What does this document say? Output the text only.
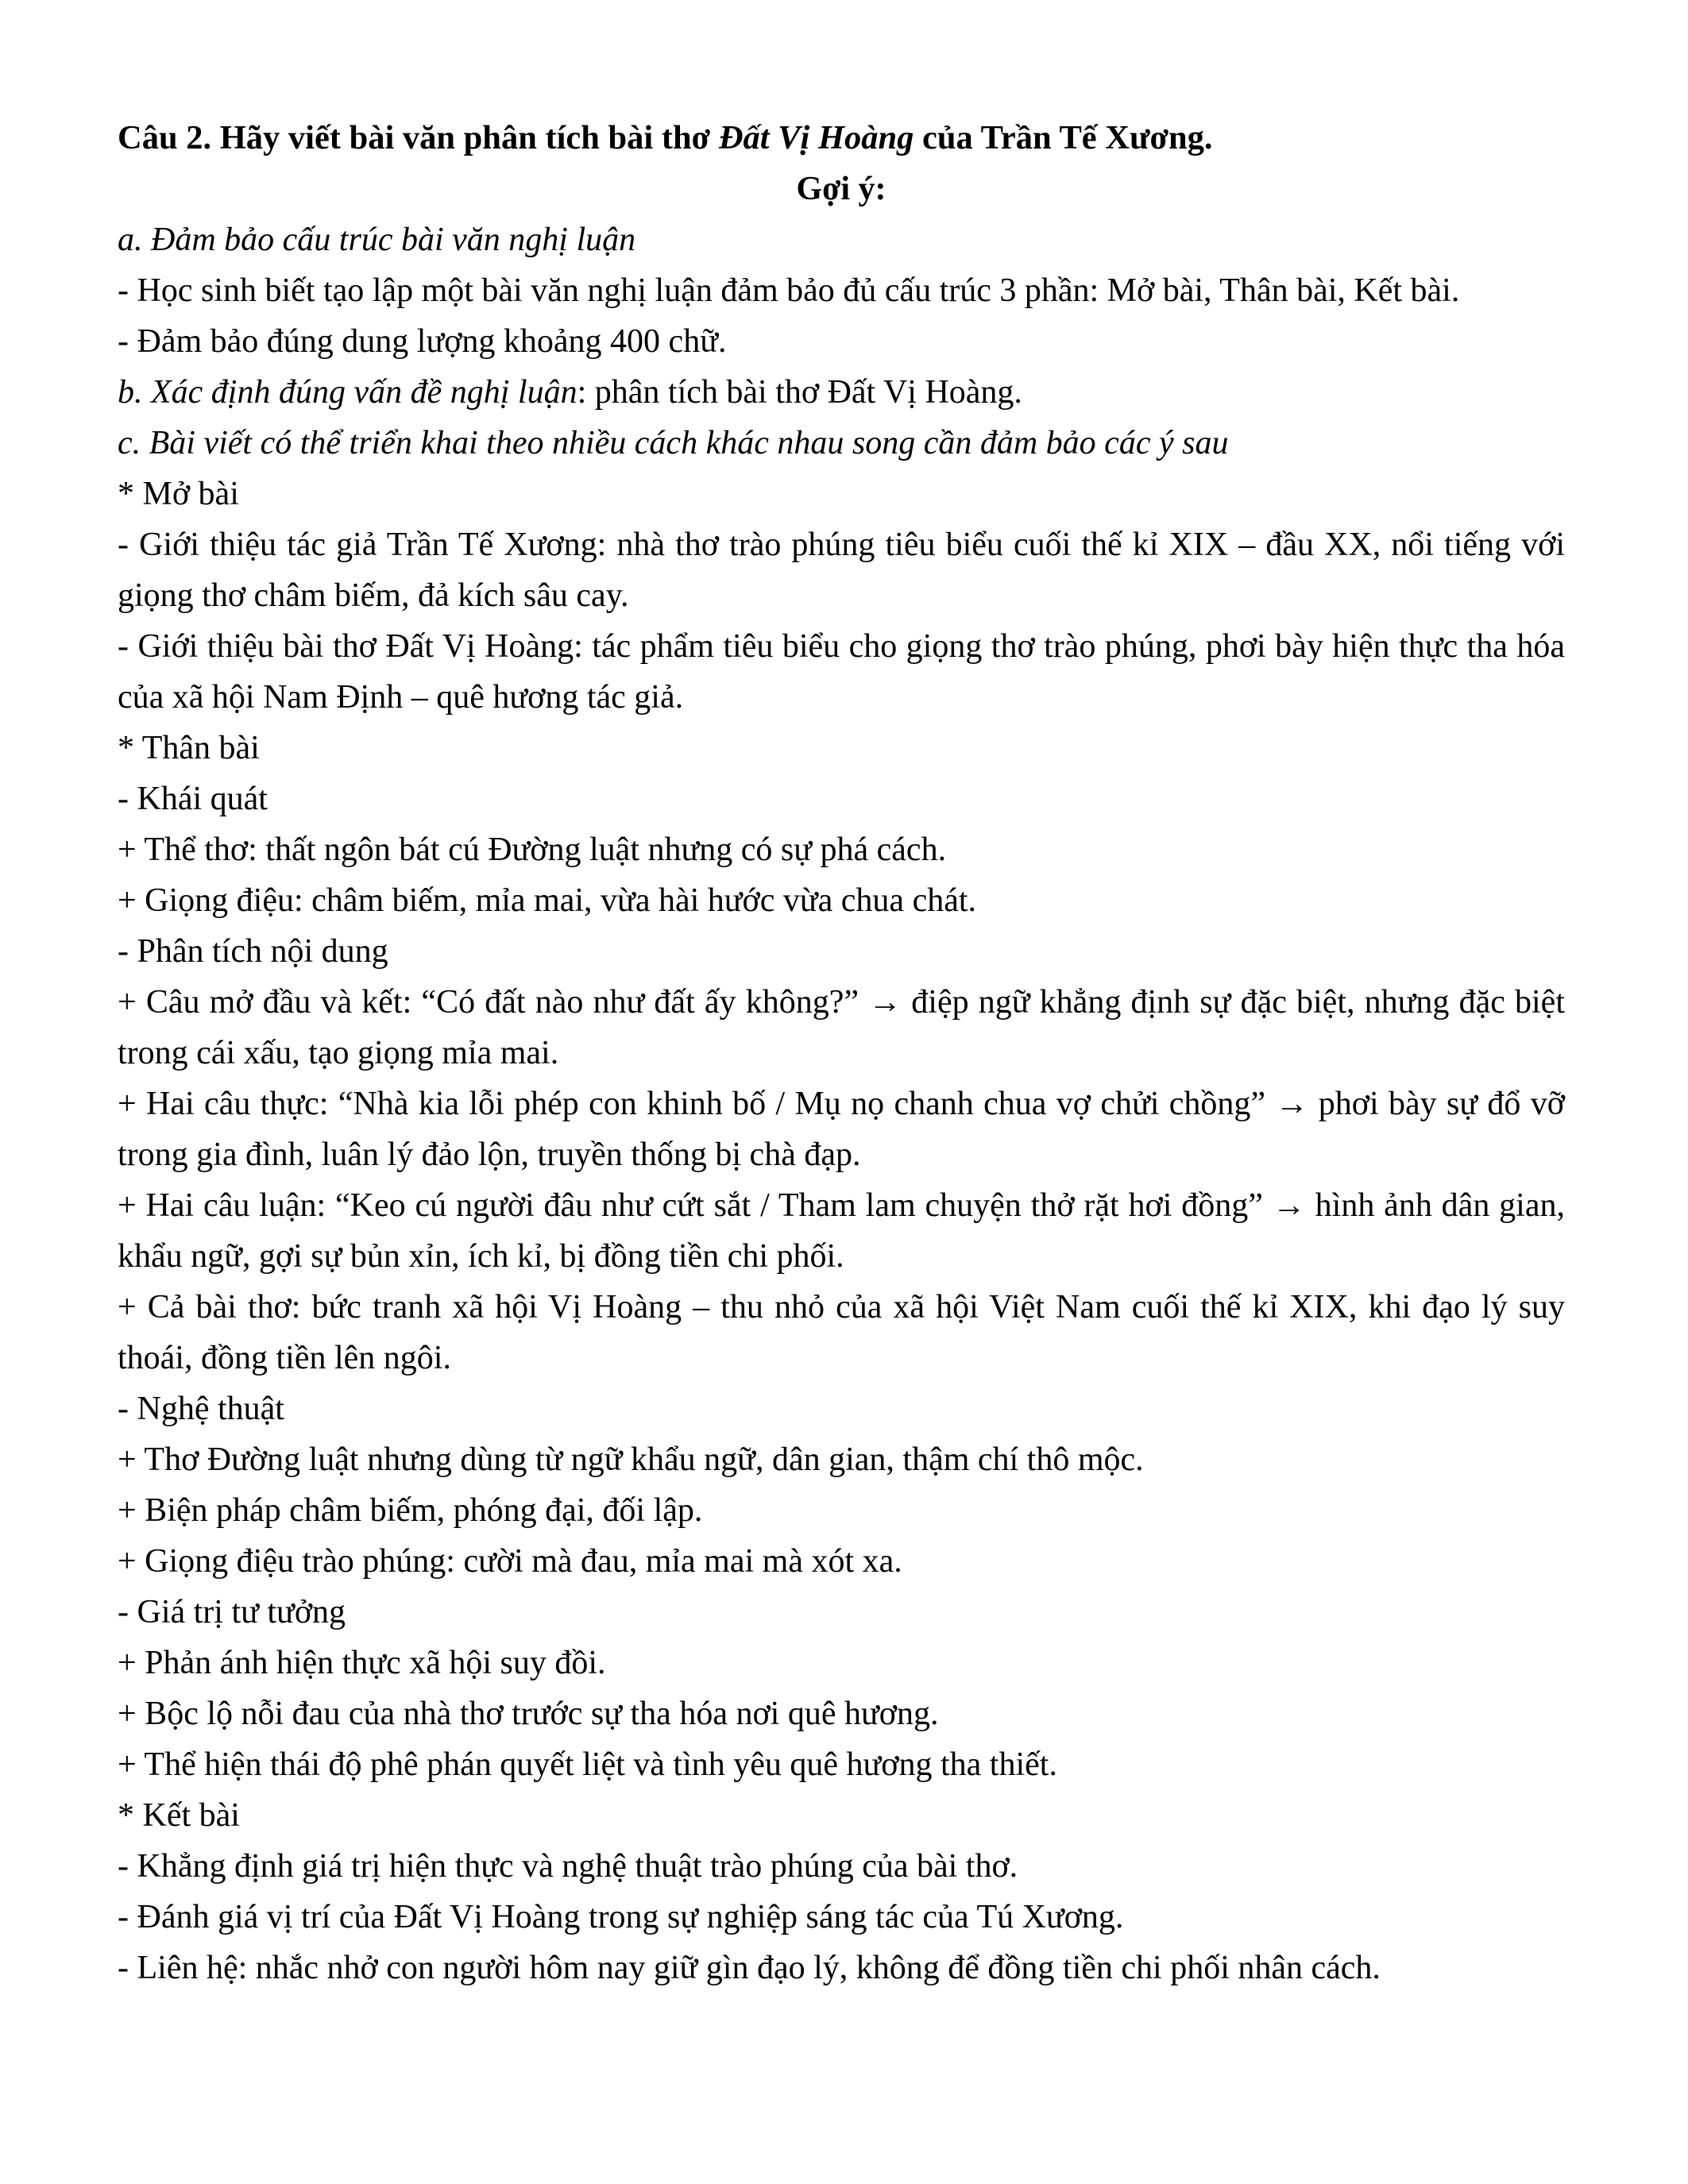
Câu 2. Hãy viết bài văn phân tích bài thơ Đất Vị Hoàng của Trần Tế Xương.

Gợi ý:

a. Đảm bảo cấu trúc bài văn nghị luận

- Học sinh biết tạo lập một bài văn nghị luận đảm bảo đủ cấu trúc 3 phần: Mở bài, Thân bài, Kết bài.

- Đảm bảo đúng dung lượng khoảng 400 chữ.

b. Xác định đúng vấn đề nghị luận: phân tích bài thơ Đất Vị Hoàng.

c. Bài viết có thể triển khai theo nhiều cách khác nhau song cần đảm bảo các ý sau

* Mở bài

- Giới thiệu tác giả Trần Tế Xương: nhà thơ trào phúng tiêu biểu cuối thế kỉ XIX – đầu XX, nổi tiếng với giọng thơ châm biếm, đả kích sâu cay.

- Giới thiệu bài thơ Đất Vị Hoàng: tác phẩm tiêu biểu cho giọng thơ trào phúng, phơi bày hiện thực tha hóa của xã hội Nam Định – quê hương tác giả.

* Thân bài

- Khái quát

+ Thể thơ: thất ngôn bát cú Đường luật nhưng có sự phá cách.

+ Giọng điệu: châm biếm, mỉa mai, vừa hài hước vừa chua chát.

- Phân tích nội dung

+ Câu mở đầu và kết: “Có đất nào như đất ấy không?” → điệp ngữ khẳng định sự đặc biệt, nhưng đặc biệt trong cái xấu, tạo giọng mỉa mai.

+ Hai câu thực: “Nhà kia lỗi phép con khinh bố / Mụ nọ chanh chua vợ chửi chồng” → phơi bày sự đổ vỡ trong gia đình, luân lý đảo lộn, truyền thống bị chà đạp.

+ Hai câu luận: “Keo cú người đâu như cứt sắt / Tham lam chuyện thở rặt hơi đồng” → hình ảnh dân gian, khẩu ngữ, gợi sự bủn xỉn, ích kỉ, bị đồng tiền chi phối.

+ Cả bài thơ: bức tranh xã hội Vị Hoàng – thu nhỏ của xã hội Việt Nam cuối thế kỉ XIX, khi đạo lý suy thoái, đồng tiền lên ngôi.

- Nghệ thuật

+ Thơ Đường luật nhưng dùng từ ngữ khẩu ngữ, dân gian, thậm chí thô mộc.

+ Biện pháp châm biếm, phóng đại, đối lập.

+ Giọng điệu trào phúng: cười mà đau, mỉa mai mà xót xa.

- Giá trị tư tưởng

+ Phản ánh hiện thực xã hội suy đồi.

+ Bộc lộ nỗi đau của nhà thơ trước sự tha hóa nơi quê hương.

+ Thể hiện thái độ phê phán quyết liệt và tình yêu quê hương tha thiết.

* Kết bài

- Khẳng định giá trị hiện thực và nghệ thuật trào phúng của bài thơ.

- Đánh giá vị trí của Đất Vị Hoàng trong sự nghiệp sáng tác của Tú Xương.

- Liên hệ: nhắc nhở con người hôm nay giữ gìn đạo lý, không để đồng tiền chi phối nhân cách.
